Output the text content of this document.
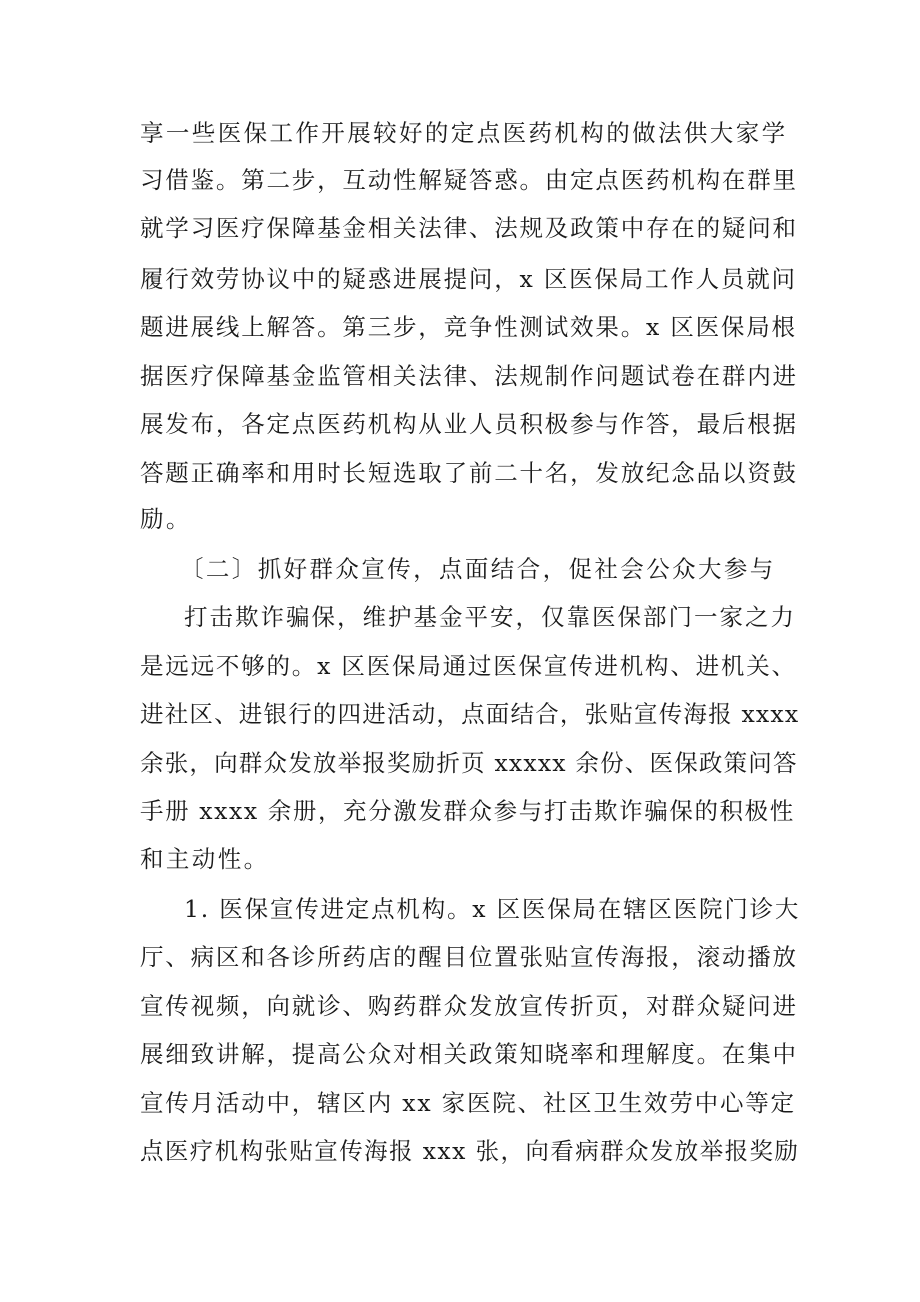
享一些医保工作开展较好的定点医药机构的做法供大家学
习借鉴。第二步，互动性解疑答惑。由定点医药机构在群里
就学习医疗保障基金相关法律、法规及政策中存在的疑问和
履行效劳协议中的疑惑进展提问，x 区医保局工作人员就问
题进展线上解答。第三步，竞争性测试效果。x 区医保局根
据医疗保障基金监管相关法律、法规制作问题试卷在群内进
展发布，各定点医药机构从业人员积极参与作答，最后根据
答题正确率和用时长短选取了前二十名，发放纪念品以资鼓
励。
〔二〕抓好群众宣传，点面结合，促社会公众大参与
打击欺诈骗保，维护基金平安，仅靠医保部门一家之力
是远远不够的。x 区医保局通过医保宣传进机构、进机关、
进社区、进银行的四进活动，点面结合，张贴宣传海报 xxxx
余张，向群众发放举报奖励折页 xxxxx 余份、医保政策问答
手册 xxxx 余册，充分激发群众参与打击欺诈骗保的积极性
和主动性。
1. 医保宣传进定点机构。x 区医保局在辖区医院门诊大
厅、病区和各诊所药店的醒目位置张贴宣传海报，滚动播放
宣传视频，向就诊、购药群众发放宣传折页，对群众疑问进
展细致讲解，提高公众对相关政策知晓率和理解度。在集中
宣传月活动中，辖区内 xx 家医院、社区卫生效劳中心等定
点医疗机构张贴宣传海报 xxx 张，向看病群众发放举报奖励
